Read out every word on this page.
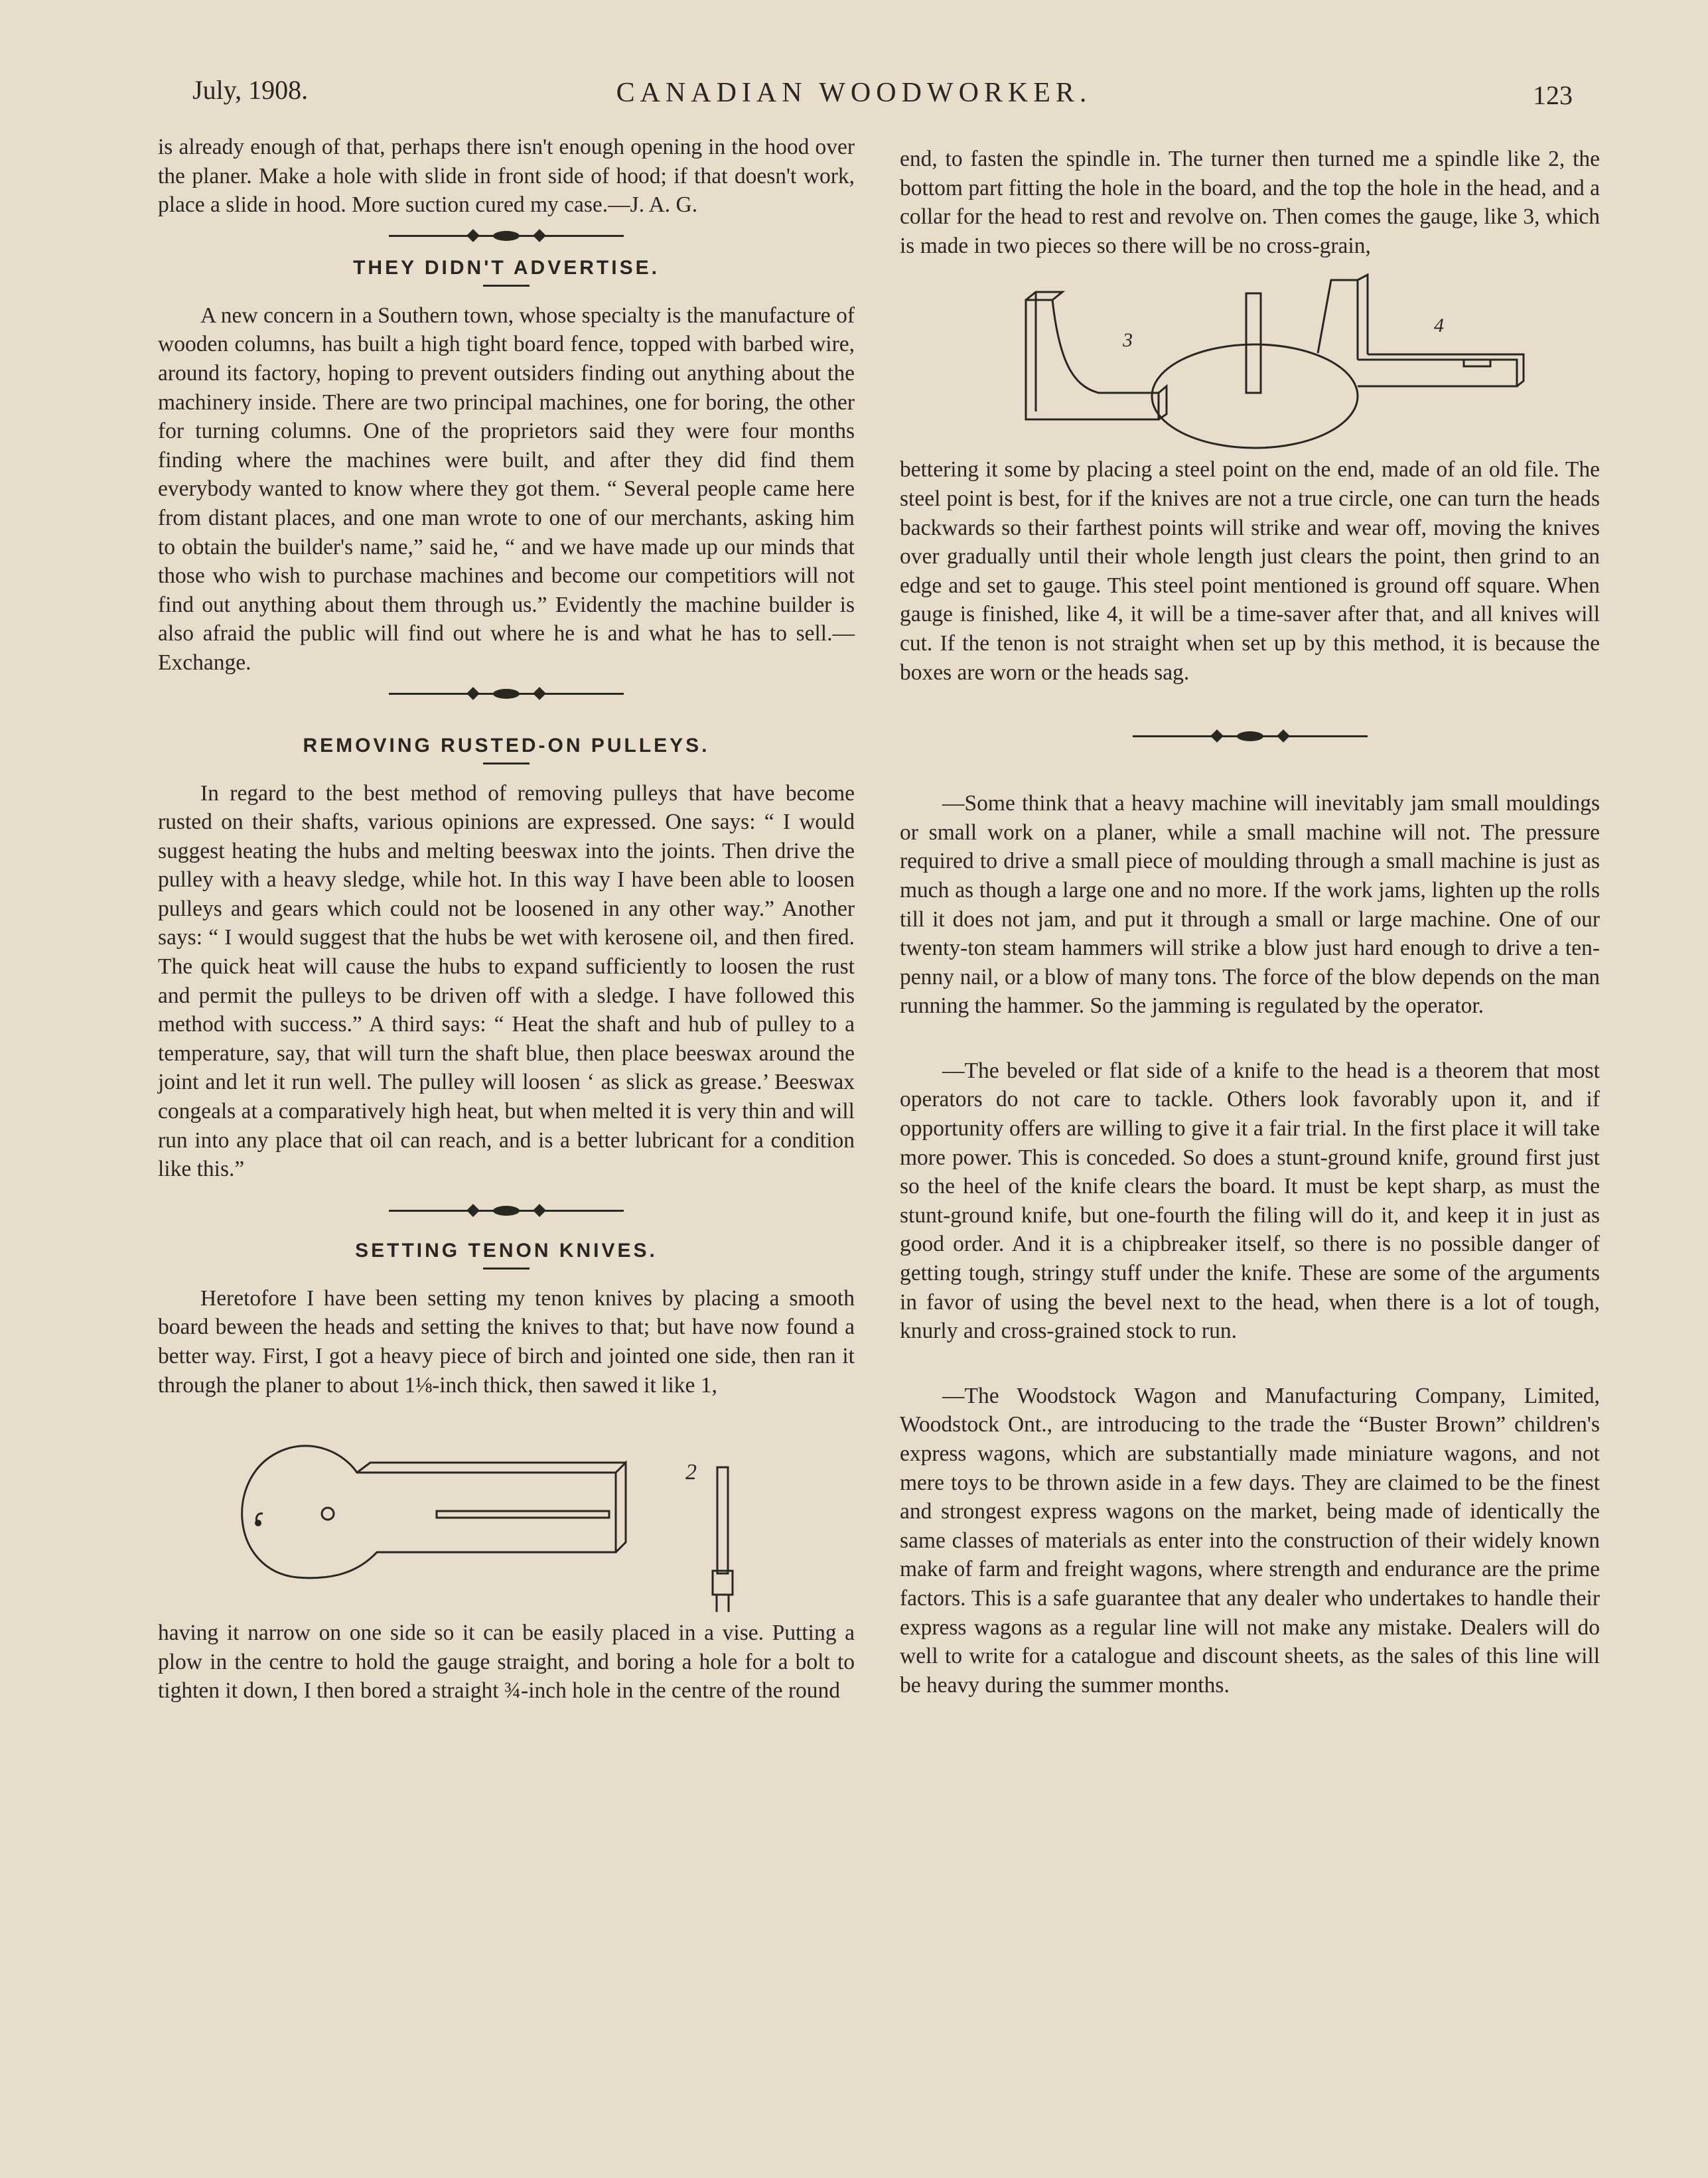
July, 1908.	CANADIAN WOODWORKER.	123

is already enough of that, perhaps there isn't enough opening in the hood over the planer. Make a hole with slide in front side of hood; if that doesn't work, place a slide in hood. More suction cured my case.—J. A. G.

THEY DIDN'T ADVERTISE.

A new concern in a Southern town, whose specialty is the manufacture of wooden columns, has built a high tight board fence, topped with barbed wire, around its factory, hoping to prevent outsiders finding out anything about the machinery inside. There are two principal machines, one for boring, the other for turning columns. One of the proprietors said they were four months finding where the machines were built, and after they did find them everybody wanted to know where they got them. “ Several people came here from distant places, and one man wrote to one of our merchants, asking him to obtain the builder's name,” said he, “ and we have made up our minds that those who wish to purchase machines and become our competitiors will not find out anything about them through us.” Evidently the machine builder is also afraid the public will find out where he is and what he has to sell.—Exchange.

REMOVING RUSTED-ON PULLEYS.

In regard to the best method of removing pulleys that have become rusted on their shafts, various opinions are expressed. One says: “ I would suggest heating the hubs and melting beeswax into the joints. Then drive the pulley with a heavy sledge, while hot. In this way I have been able to loosen pulleys and gears which could not be loosened in any other way.” Another says: “ I would suggest that the hubs be wet with kerosene oil, and then fired. The quick heat will cause the hubs to expand sufficiently to loosen the rust and permit the pulleys to be driven off with a sledge. I have followed this method with success.” A third says: “ Heat the shaft and hub of pulley to a temperature, say, that will turn the shaft blue, then place beeswax around the joint and let it run well. The pulley will loosen ‘ as slick as grease.’ Beeswax congeals at a comparatively high heat, but when melted it is very thin and will run into any place that oil can reach, and is a better lubricant for a condition like this.”

SETTING TENON KNIVES.

Heretofore I have been setting my tenon knives by placing a smooth board beween the heads and setting the knives to that; but have now found a better way. First, I got a heavy piece of birch and jointed one side, then ran it through the planer to about 1⅛-inch thick, then sawed it like 1,

2

having it narrow on one side so it can be easily placed in a vise. Putting a plow in the centre to hold the gauge straight, and boring a hole for a bolt to tighten it down, I then bored a straight ¾-inch hole in the centre of the round

end, to fasten the spindle in. The turner then turned me a spindle like 2, the bottom part fitting the hole in the board, and the top the hole in the head, and a collar for the head to rest and revolve on. Then comes the gauge, like 3, which is made in two pieces so there will be no cross-grain,

3
4

bettering it some by placing a steel point on the end, made of an old file. The steel point is best, for if the knives are not a true circle, one can turn the heads backwards so their farthest points will strike and wear off, moving the knives over gradually until their whole length just clears the point, then grind to an edge and set to gauge. This steel point mentioned is ground off square. When gauge is finished, like 4, it will be a time-saver after that, and all knives will cut. If the tenon is not straight when set up by this method, it is because the boxes are worn or the heads sag.

—Some think that a heavy machine will inevitably jam small mouldings or small work on a planer, while a small machine will not. The pressure required to drive a small piece of moulding through a small machine is just as much as though a large one and no more. If the work jams, lighten up the rolls till it does not jam, and put it through a small or large machine. One of our twenty-ton steam hammers will strike a blow just hard enough to drive a ten-penny nail, or a blow of many tons. The force of the blow depends on the man running the hammer. So the jamming is regulated by the operator.

—The beveled or flat side of a knife to the head is a theorem that most operators do not care to tackle. Others look favorably upon it, and if opportunity offers are willing to give it a fair trial. In the first place it will take more power. This is conceded. So does a stunt-ground knife, ground first just so the heel of the knife clears the board. It must be kept sharp, as must the stunt-ground knife, but one-fourth the filing will do it, and keep it in just as good order. And it is a chipbreaker itself, so there is no possible danger of getting tough, stringy stuff under the knife. These are some of the arguments in favor of using the bevel next to the head, when there is a lot of tough, knurly and cross-grained stock to run.

—The Woodstock Wagon and Manufacturing Company, Limited, Woodstock Ont., are introducing to the trade the “Buster Brown” children's express wagons, which are substantially made miniature wagons, and not mere toys to be thrown aside in a few days. They are claimed to be the finest and strongest express wagons on the market, being made of identically the same classes of materials as enter into the construction of their widely known make of farm and freight wagons, where strength and endurance are the prime factors. This is a safe guarantee that any dealer who undertakes to handle their express wagons as a regular line will not make any mistake. Dealers will do well to write for a catalogue and discount sheets, as the sales of this line will be heavy during the summer months.
